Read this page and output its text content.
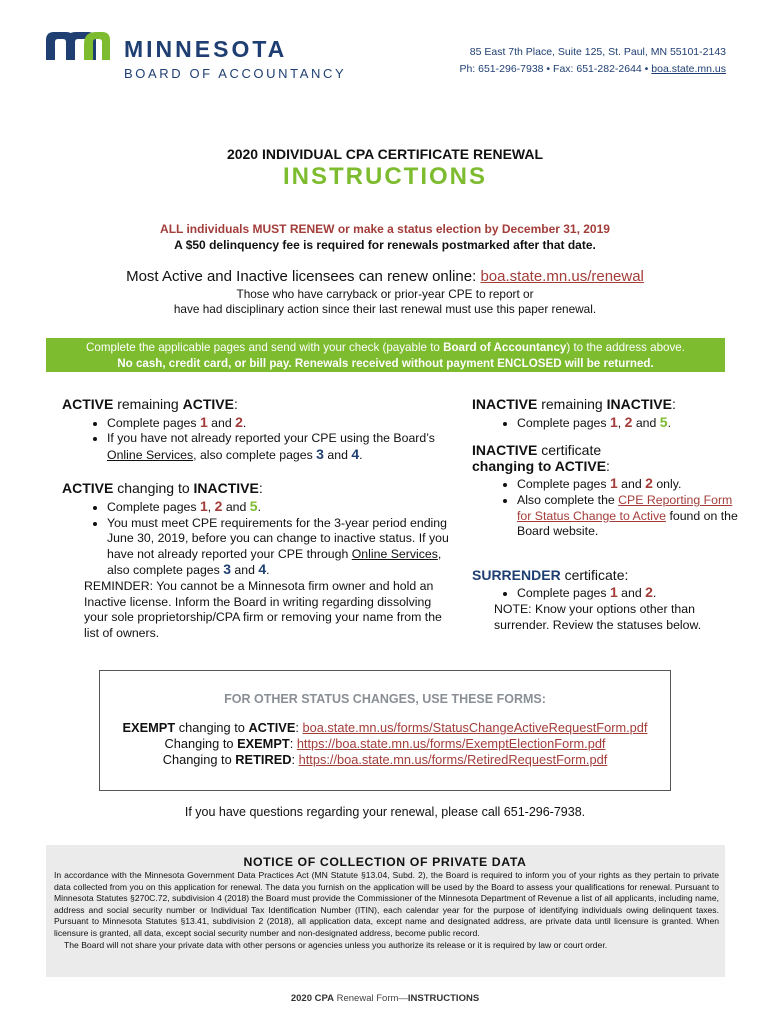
MINNESOTA
BOARD OF ACCOUNTANCY
85 East 7th Place, Suite 125, St. Paul, MN 55101-2143
Ph: 651-296-7938 • Fax: 651-282-2644 • boa.state.mn.us
2020 INDIVIDUAL CPA CERTIFICATE RENEWAL
INSTRUCTIONS
ALL individuals MUST RENEW or make a status election by December 31, 2019
A $50 delinquency fee is required for renewals postmarked after that date.
Most Active and Inactive licensees can renew online: boa.state.mn.us/renewal
Those who have carryback or prior-year CPE to report or
have had disciplinary action since their last renewal must use this paper renewal.
Complete the applicable pages and send with your check (payable to Board of Accountancy) to the address above.
No cash, credit card, or bill pay. Renewals received without payment ENCLOSED will be returned.
ACTIVE remaining ACTIVE:
• Complete pages 1 and 2.
• If you have not already reported your CPE using the Board’s Online Services, also complete pages 3 and 4.
ACTIVE changing to INACTIVE:
• Complete pages 1, 2 and 5.
• You must meet CPE requirements for the 3-year period ending June 30, 2019, before you can change to inactive status. If you have not already reported your CPE through Online Services, also complete pages 3 and 4.
REMINDER: You cannot be a Minnesota firm owner and hold an Inactive license. Inform the Board in writing regarding dissolving your sole proprietorship/CPA firm or removing your name from the list of owners.
INACTIVE remaining INACTIVE:
• Complete pages 1, 2 and 5.
INACTIVE certificate
changing to ACTIVE:
• Complete pages 1 and 2 only.
• Also complete the CPE Reporting Form for Status Change to Active found on the Board website.
SURRENDER certificate:
• Complete pages 1 and 2.
NOTE: Know your options other than surrender. Review the statuses below.
FOR OTHER STATUS CHANGES, USE THESE FORMS:
EXEMPT changing to ACTIVE: boa.state.mn.us/forms/StatusChangeActiveRequestForm.pdf
Changing to EXEMPT: https://boa.state.mn.us/forms/ExemptElectionForm.pdf
Changing to RETIRED: https://boa.state.mn.us/forms/RetiredRequestForm.pdf
If you have questions regarding your renewal, please call 651-296-7938.
NOTICE OF COLLECTION OF PRIVATE DATA
In accordance with the Minnesota Government Data Practices Act (MN Statute §13.04, Subd. 2), the Board is required to inform you of your rights as they pertain to private data collected from you on this application for renewal. The data you furnish on the application will be used by the Board to assess your qualifications for renewal. Pursuant to Minnesota Statutes §270C.72, subdivision 4 (2018) the Board must provide the Commissioner of the Minnesota Department of Revenue a list of all applicants, including name, address and social security number or Individual Tax Identification Number (ITIN), each calendar year for the purpose of identifying individuals owing delinquent taxes. Pursuant to Minnesota Statutes §13.41, subdivision 2 (2018), all application data, except name and designated address, are private data until licensure is granted. When licensure is granted, all data, except social security number and non-designated address, become public record.
The Board will not share your private data with other persons or agencies unless you authorize its release or it is required by law or court order.
2020 CPA Renewal Form—INSTRUCTIONS
